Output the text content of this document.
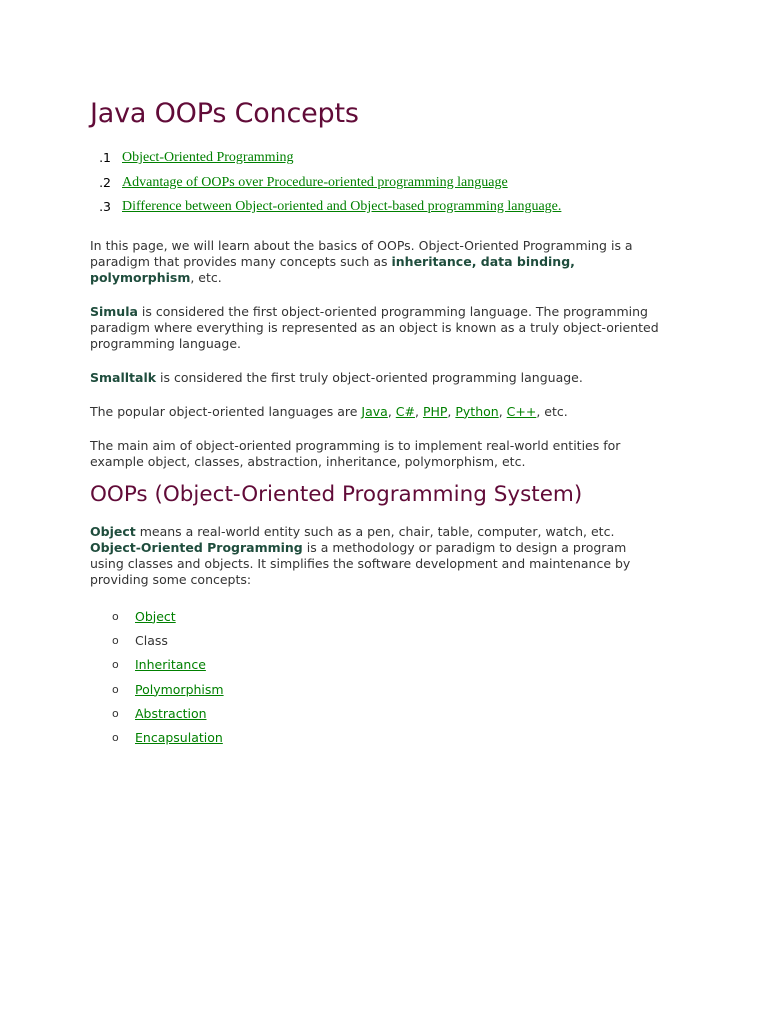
Java OOPs Concepts
1. Object-Oriented Programming
2. Advantage of OOPs over Procedure-oriented programming language
3. Difference between Object-oriented and Object-based programming language.

In this page, we will learn about the basics of OOPs. Object-Oriented Programming is a paradigm that provides many concepts such as inheritance, data binding, polymorphism, etc.

Simula is considered the first object-oriented programming language. The programming paradigm where everything is represented as an object is known as a truly object-oriented programming language.

Smalltalk is considered the first truly object-oriented programming language.

The popular object-oriented languages are Java, C#, PHP, Python, C++, etc.

The main aim of object-oriented programming is to implement real-world entities for example object, classes, abstraction, inheritance, polymorphism, etc.

OOPs (Object-Oriented Programming System)

Object means a real-world entity such as a pen, chair, table, computer, watch, etc. Object-Oriented Programming is a methodology or paradigm to design a program using classes and objects. It simplifies the software development and maintenance by providing some concepts:

o Object
o Class
o Inheritance
o Polymorphism
o Abstraction
o Encapsulation
